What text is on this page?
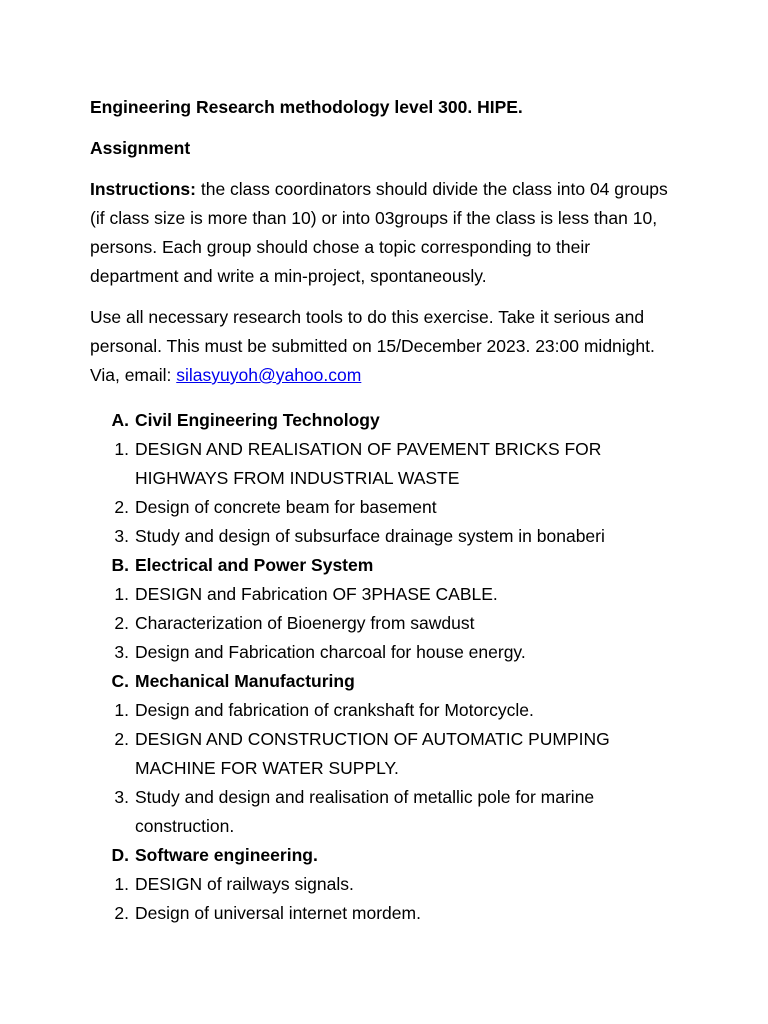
Engineering Research methodology level 300. HIPE.
Assignment
Instructions: the class coordinators should divide the class into 04 groups (if class size is more than 10) or into 03groups if the class is less than 10, persons. Each group should chose a topic corresponding to their department and write a min-project, spontaneously.
Use all necessary research tools to do this exercise. Take it serious and personal. This must be submitted on 15/December 2023. 23:00 midnight. Via, email: silasyuyoh@yahoo.com
A. Civil Engineering Technology
1. DESIGN AND REALISATION OF PAVEMENT BRICKS FOR HIGHWAYS FROM INDUSTRIAL WASTE
2. Design of concrete beam for basement
3. Study and design of subsurface drainage system in bonaberi
B. Electrical and Power System
1. DESIGN and Fabrication OF 3PHASE CABLE.
2. Characterization of Bioenergy from sawdust
3. Design and Fabrication charcoal for house energy.
C. Mechanical Manufacturing
1. Design and fabrication of crankshaft for Motorcycle.
2. DESIGN AND CONSTRUCTION OF AUTOMATIC PUMPING MACHINE FOR WATER SUPPLY.
3. Study and design and realisation of metallic pole for marine construction.
D. Software engineering.
1. DESIGN of railways signals.
2. Design of universal internet mordem.
